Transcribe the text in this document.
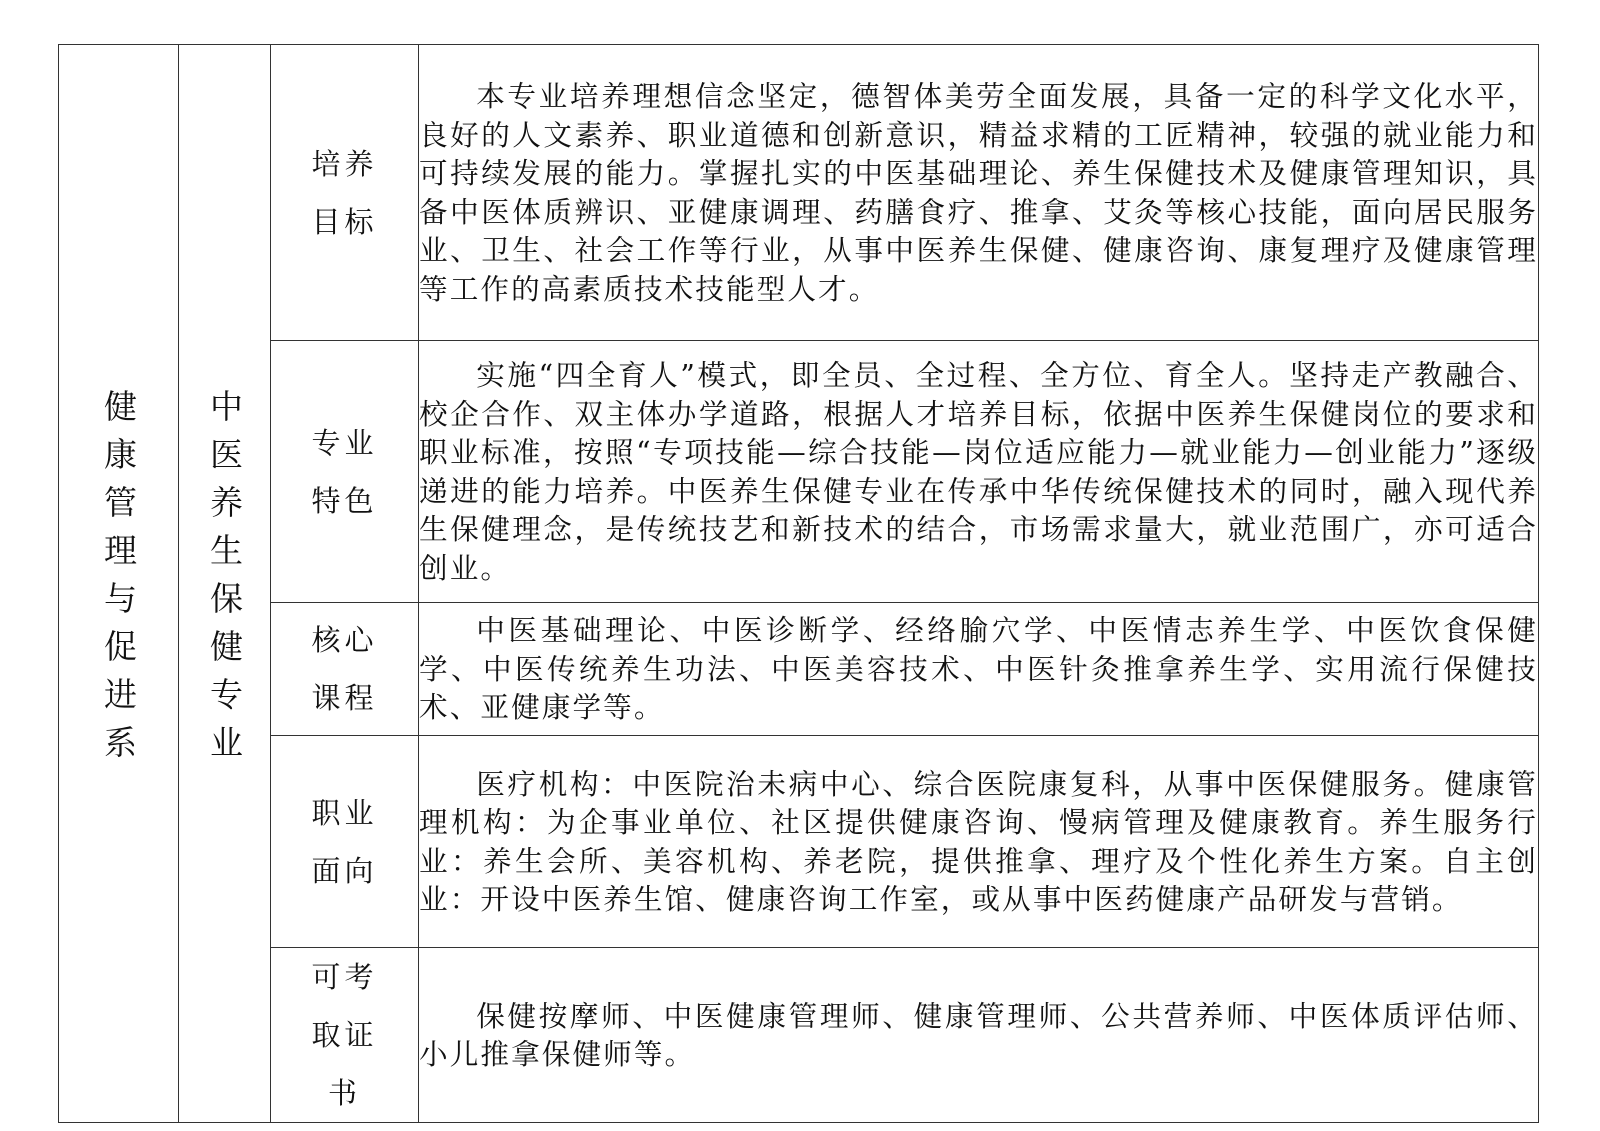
健康管理与促进系	中医养生保健专业	培养目标	本专业培养理想信念坚定，德智体美劳全面发展，具备一定的科学文化水平，良好的人文素养、职业道德和创新意识，精益求精的工匠精神，较强的就业能力和可持续发展的能力。掌握扎实的中医基础理论、养生保健技术及健康管理知识，具备中医体质辨识、亚健康调理、药膳食疗、推拿、艾灸等核心技能，面向居民服务业、卫生、社会工作等行业，从事中医养生保健、健康咨询、康复理疗及健康管理等工作的高素质技术技能型人才。

		专业特色	实施“四全育人”模式，即全员、全过程、全方位、育全人。坚持走产教融合、校企合作、双主体办学道路，根据人才培养目标，依据中医养生保健岗位的要求和职业标准，按照“专项技能—综合技能—岗位适应能力—就业能力—创业能力”逐级递进的能力培养。中医养生保健专业在传承中华传统保健技术的同时，融入现代养生保健理念，是传统技艺和新技术的结合，市场需求量大，就业范围广，亦可适合创业。

		核心课程	中医基础理论、中医诊断学、经络腧穴学、中医情志养生学、中医饮食保健学、中医传统养生功法、中医美容技术、中医针灸推拿养生学、实用流行保健技术、亚健康学等。

		职业面向	医疗机构：中医院治未病中心、综合医院康复科，从事中医保健服务。健康管理机构：为企事业单位、社区提供健康咨询、慢病管理及健康教育。养生服务行业：养生会所、美容机构、养老院，提供推拿、理疗及个性化养生方案。自主创业：开设中医养生馆、健康咨询工作室，或从事中医药健康产品研发与营销。

		可考取证书	保健按摩师、中医健康管理师、健康管理师、公共营养师、中医体质评估师、小儿推拿保健师等。
